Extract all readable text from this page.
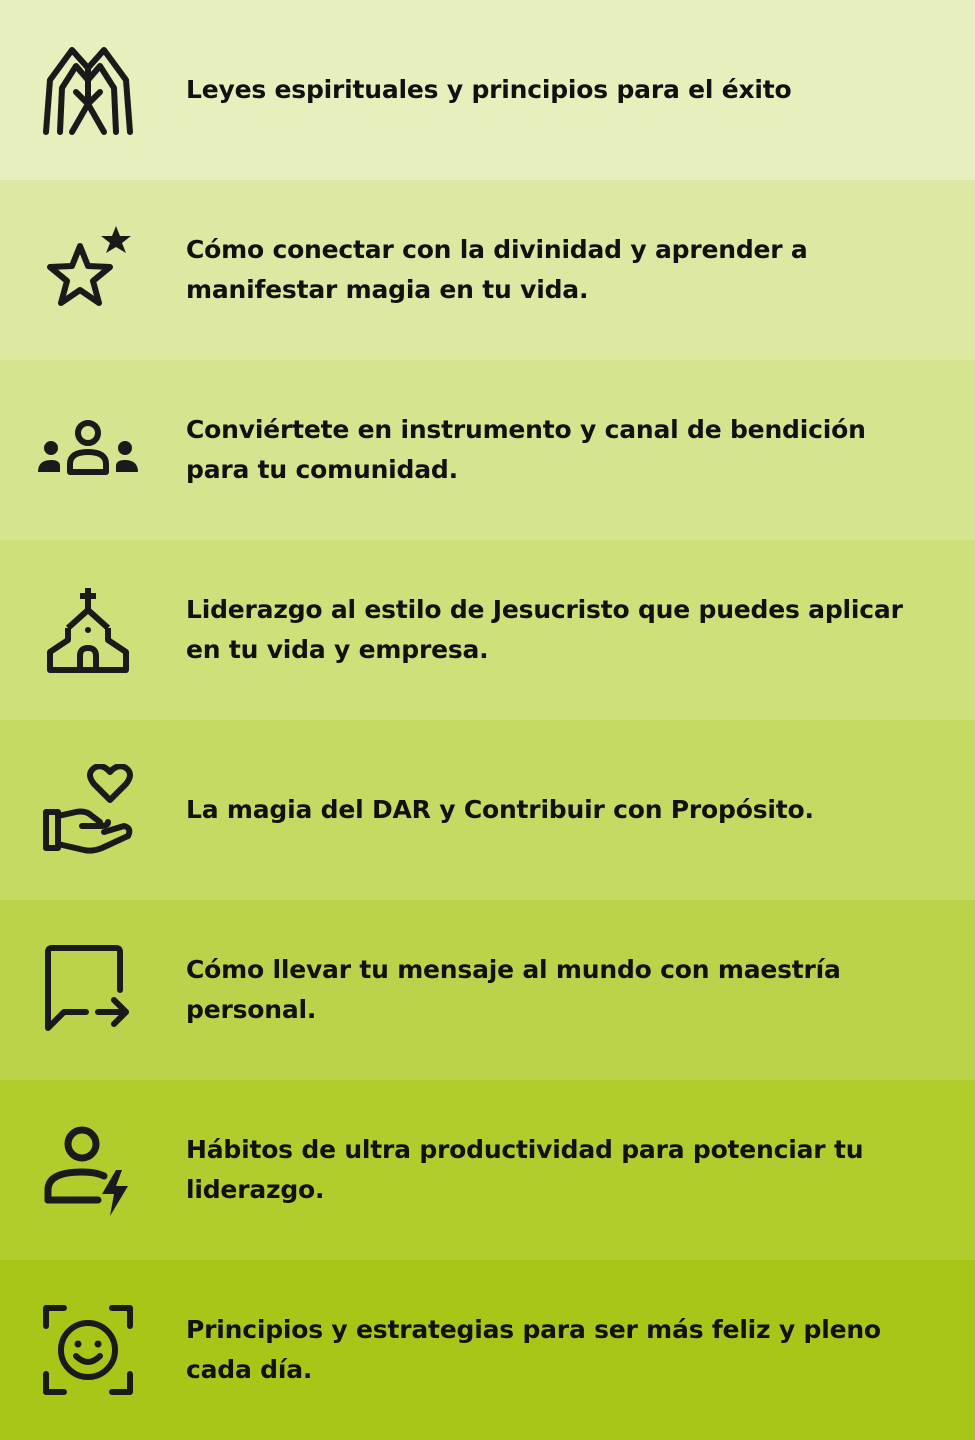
Leyes espirituales y principios para el éxito
Cómo conectar con la divinidad y aprender a manifestar magia en tu vida.
Conviértete en instrumento y canal de bendición para tu comunidad.
Liderazgo al estilo de Jesucristo que puedes aplicar en tu vida y empresa.
La magia del DAR y Contribuir con Propósito.
Cómo llevar tu mensaje al mundo con maestría personal.
Hábitos de ultra productividad para potenciar tu liderazgo.
Principios y estrategias para ser más feliz y pleno cada día.
